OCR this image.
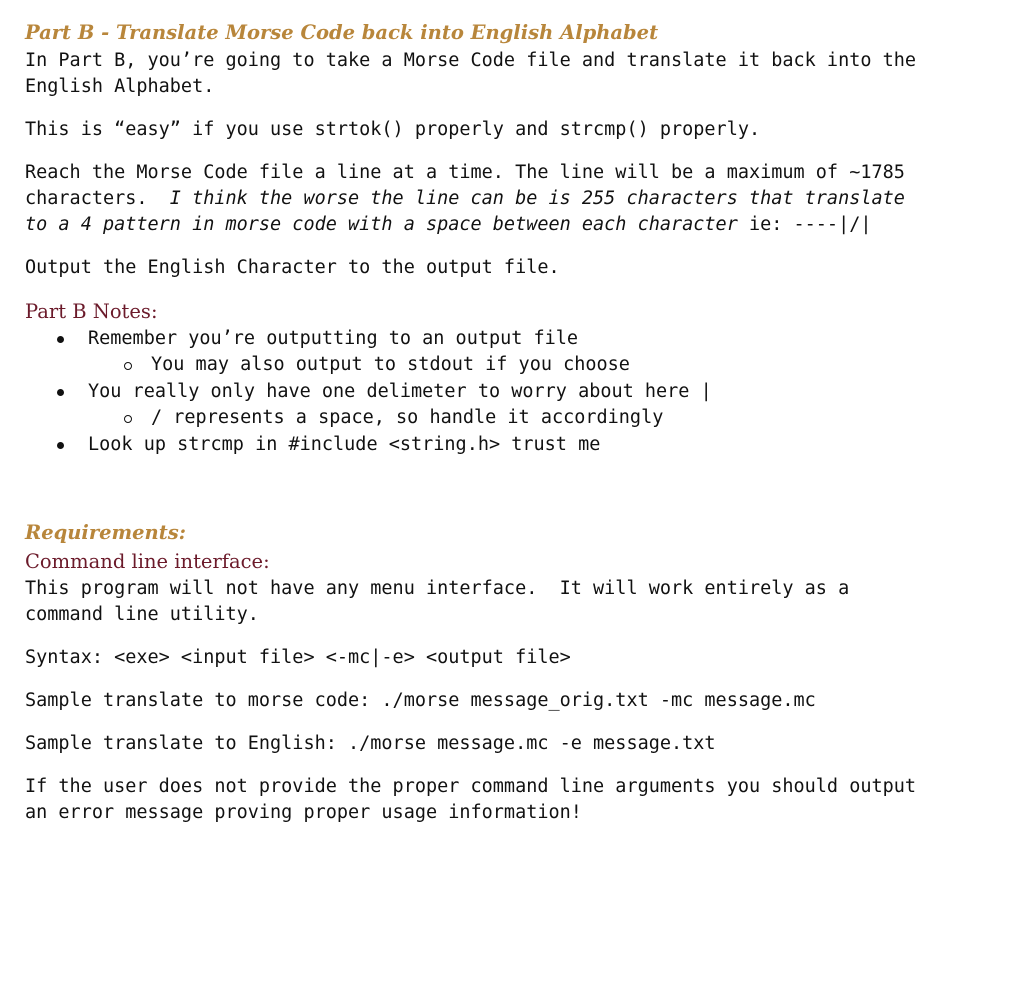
Part B - Translate Morse Code back into English Alphabet
In Part B, you’re going to take a Morse Code file and translate it back into the
English Alphabet.
This is “easy” if you use strtok() properly and strcmp() properly.
Reach the Morse Code file a line at a time. The line will be a maximum of ~1785
characters.  I think the worse the line can be is 255 characters that translate
to a 4 pattern in morse code with a space between each character ie: ----|/|
Output the English Character to the output file.
Part B Notes:
Remember you’re outputting to an output file
You may also output to stdout if you choose
You really only have one delimeter to worry about here |
/ represents a space, so handle it accordingly
Look up strcmp in #include <string.h> trust me
Requirements:
Command line interface:
This program will not have any menu interface.  It will work entirely as a
command line utility.
Syntax: <exe> <input file> <-mc|-e> <output file>
Sample translate to morse code: ./morse message_orig.txt -mc message.mc
Sample translate to English: ./morse message.mc -e message.txt
If the user does not provide the proper command line arguments you should output
an error message proving proper usage information!
